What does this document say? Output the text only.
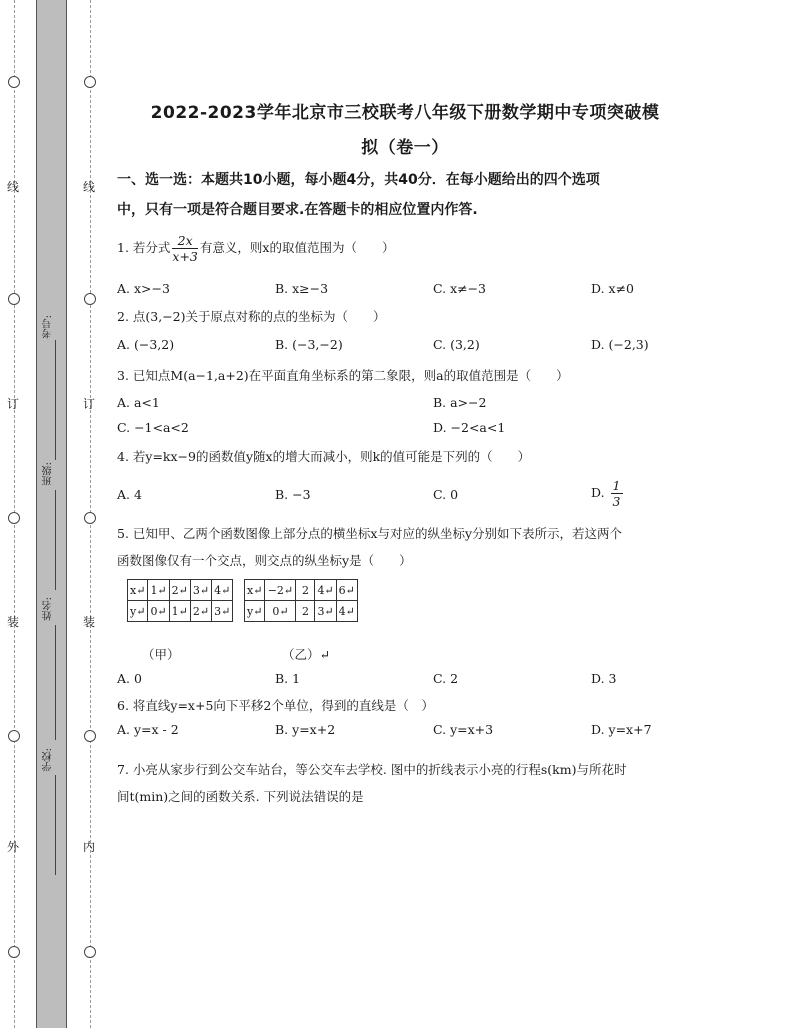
线
订
装
外
线
订
装
内
考号:
班级:
姓名:
学校:
2022-2023学年北京市三校联考八年级下册数学期中专项突破模
拟（卷一）
一、选一选：本题共10小题，每小题4分，共40分．在每小题给出的四个选项
中，只有一项是符合题目要求.在答题卡的相应位置内作答.
1. 若分式 $\frac{2x}{x+3}$ 有意义，则x的取值范围为（　　）
A. x>−3	B. x≥−3	C. x≠−3	D. x≠0
2. 点(3,−2)关于原点对称的点的坐标为（　　）
A. (−3,2)	B. (−3,−2)	C. (3,2)	D. (−2,3)
3. 已知点M(a−1,a+2)在平面直角坐标系的第二象限，则a的取值范围是（　　）
A. a<1	B. a>−2
C. −1<a<2	D. −2<a<1
4. 若y=kx−9的函数值y随x的增大而减小，则k的值可能是下列的（　　）
A. 4	B. −3	C. 0	D. $\frac{1}{3}$
5. 已知甲、乙两个函数图像上部分点的横坐标x与对应的纵坐标y分别如下表所示，若这两个
函数图像仅有一个交点，则交点的纵坐标y是（　　）
x↵	1↵	2↵	3↵	4↵
y↵	0↵	1↵	2↵	3↵
x↵	−2↵	2	4↵	6↵
y↵	0↵	2	3↵	4↵
（甲）	（乙）↵
A. 0	B. 1	C. 2	D. 3
6. 将直线y=x+5向下平移2个单位，得到的直线是（　）
A. y=x - 2	B. y=x+2	C. y=x+3	D. y=x+7
7. 小亮从家步行到公交车站台，等公交车去学校. 图中的折线表示小亮的行程s(km)与所花时
间t(min)之间的函数关系. 下列说法错误的是
